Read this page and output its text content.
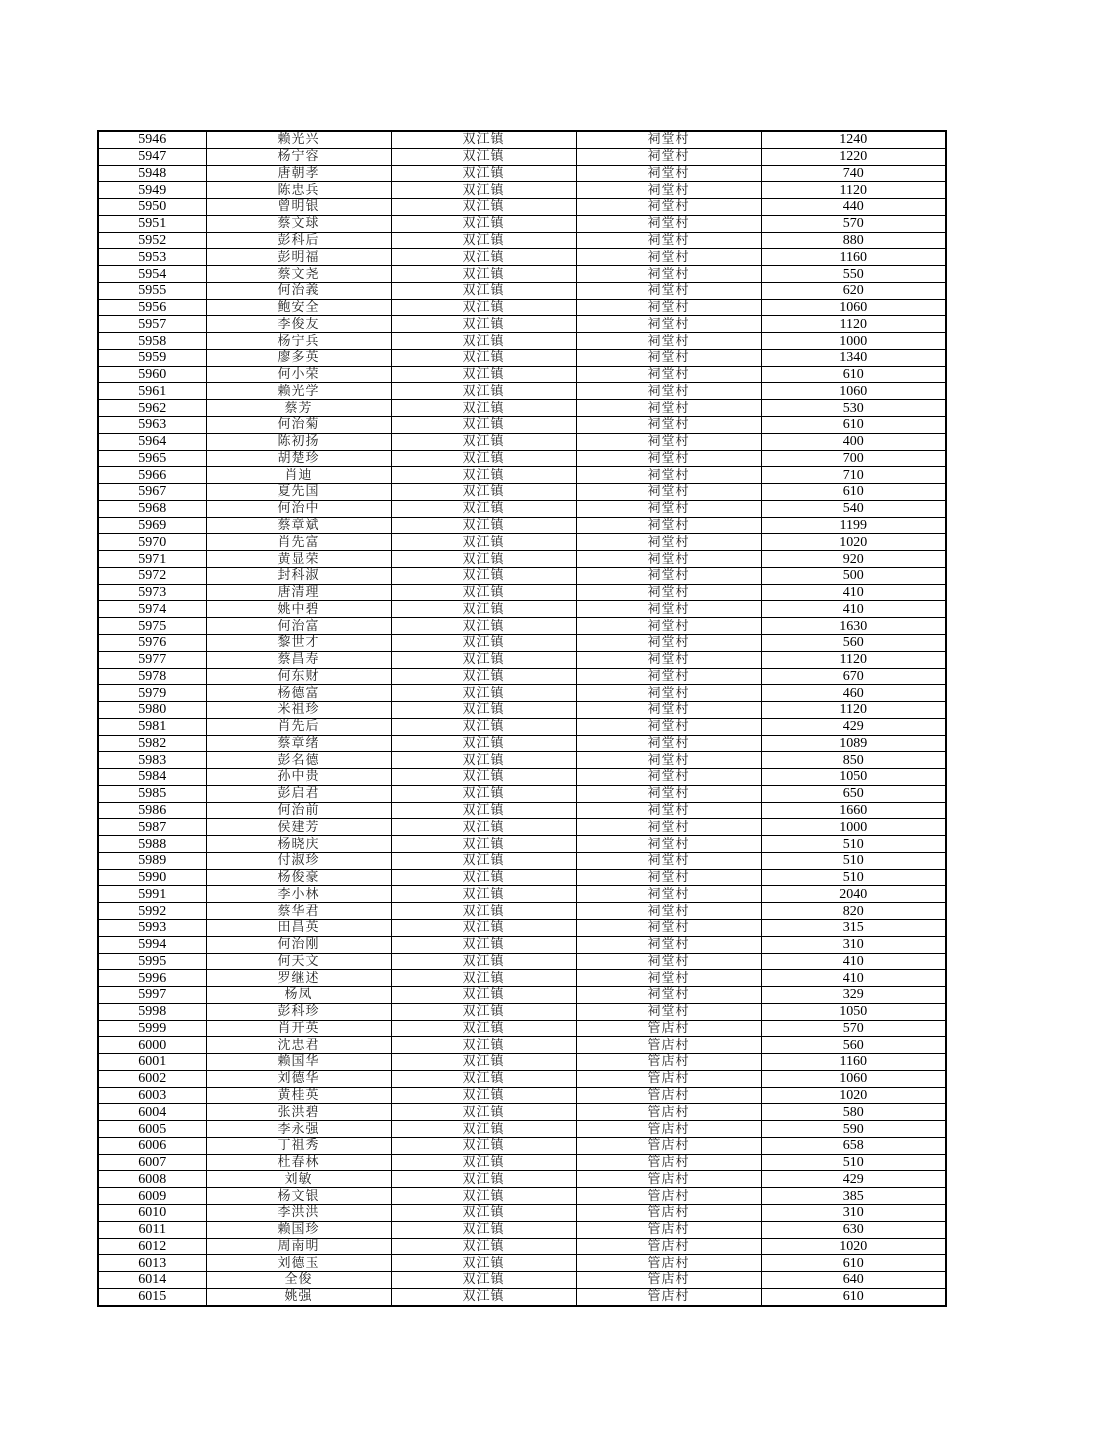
5946	赖光兴	双江镇	祠堂村	1240
5947	杨宁容	双江镇	祠堂村	1220
5948	唐朝孝	双江镇	祠堂村	740
5949	陈忠兵	双江镇	祠堂村	1120
5950	曾明银	双江镇	祠堂村	440
5951	蔡文球	双江镇	祠堂村	570
5952	彭科后	双江镇	祠堂村	880
5953	彭明福	双江镇	祠堂村	1160
5954	蔡文尧	双江镇	祠堂村	550
5955	何治義	双江镇	祠堂村	620
5956	鲍安全	双江镇	祠堂村	1060
5957	李俊友	双江镇	祠堂村	1120
5958	杨宁兵	双江镇	祠堂村	1000
5959	廖多英	双江镇	祠堂村	1340
5960	何小荣	双江镇	祠堂村	610
5961	赖光学	双江镇	祠堂村	1060
5962	蔡芳	双江镇	祠堂村	530
5963	何治菊	双江镇	祠堂村	610
5964	陈初扬	双江镇	祠堂村	400
5965	胡楚珍	双江镇	祠堂村	700
5966	肖迪	双江镇	祠堂村	710
5967	夏先国	双江镇	祠堂村	610
5968	何治中	双江镇	祠堂村	540
5969	蔡章斌	双江镇	祠堂村	1199
5970	肖先富	双江镇	祠堂村	1020
5971	黄显荣	双江镇	祠堂村	920
5972	封科淑	双江镇	祠堂村	500
5973	唐清理	双江镇	祠堂村	410
5974	姚中碧	双江镇	祠堂村	410
5975	何治富	双江镇	祠堂村	1630
5976	黎世才	双江镇	祠堂村	560
5977	蔡昌寿	双江镇	祠堂村	1120
5978	何东财	双江镇	祠堂村	670
5979	杨德富	双江镇	祠堂村	460
5980	米祖珍	双江镇	祠堂村	1120
5981	肖先后	双江镇	祠堂村	429
5982	蔡章绪	双江镇	祠堂村	1089
5983	彭名德	双江镇	祠堂村	850
5984	孙中贵	双江镇	祠堂村	1050
5985	彭启君	双江镇	祠堂村	650
5986	何治前	双江镇	祠堂村	1660
5987	侯建芳	双江镇	祠堂村	1000
5988	杨晓庆	双江镇	祠堂村	510
5989	付淑珍	双江镇	祠堂村	510
5990	杨俊豪	双江镇	祠堂村	510
5991	李小林	双江镇	祠堂村	2040
5992	蔡华君	双江镇	祠堂村	820
5993	田昌英	双江镇	祠堂村	315
5994	何治刚	双江镇	祠堂村	310
5995	何天文	双江镇	祠堂村	410
5996	罗继述	双江镇	祠堂村	410
5997	杨凤	双江镇	祠堂村	329
5998	彭科珍	双江镇	祠堂村	1050
5999	肖开英	双江镇	管店村	570
6000	沈忠君	双江镇	管店村	560
6001	赖国华	双江镇	管店村	1160
6002	刘德华	双江镇	管店村	1060
6003	黄桂英	双江镇	管店村	1020
6004	张洪碧	双江镇	管店村	580
6005	李永强	双江镇	管店村	590
6006	丁祖秀	双江镇	管店村	658
6007	杜春林	双江镇	管店村	510
6008	刘敏	双江镇	管店村	429
6009	杨文银	双江镇	管店村	385
6010	李洪洪	双江镇	管店村	310
6011	赖国珍	双江镇	管店村	630
6012	周南明	双江镇	管店村	1020
6013	刘德玉	双江镇	管店村	610
6014	全俊	双江镇	管店村	640
6015	姚强	双江镇	管店村	610
